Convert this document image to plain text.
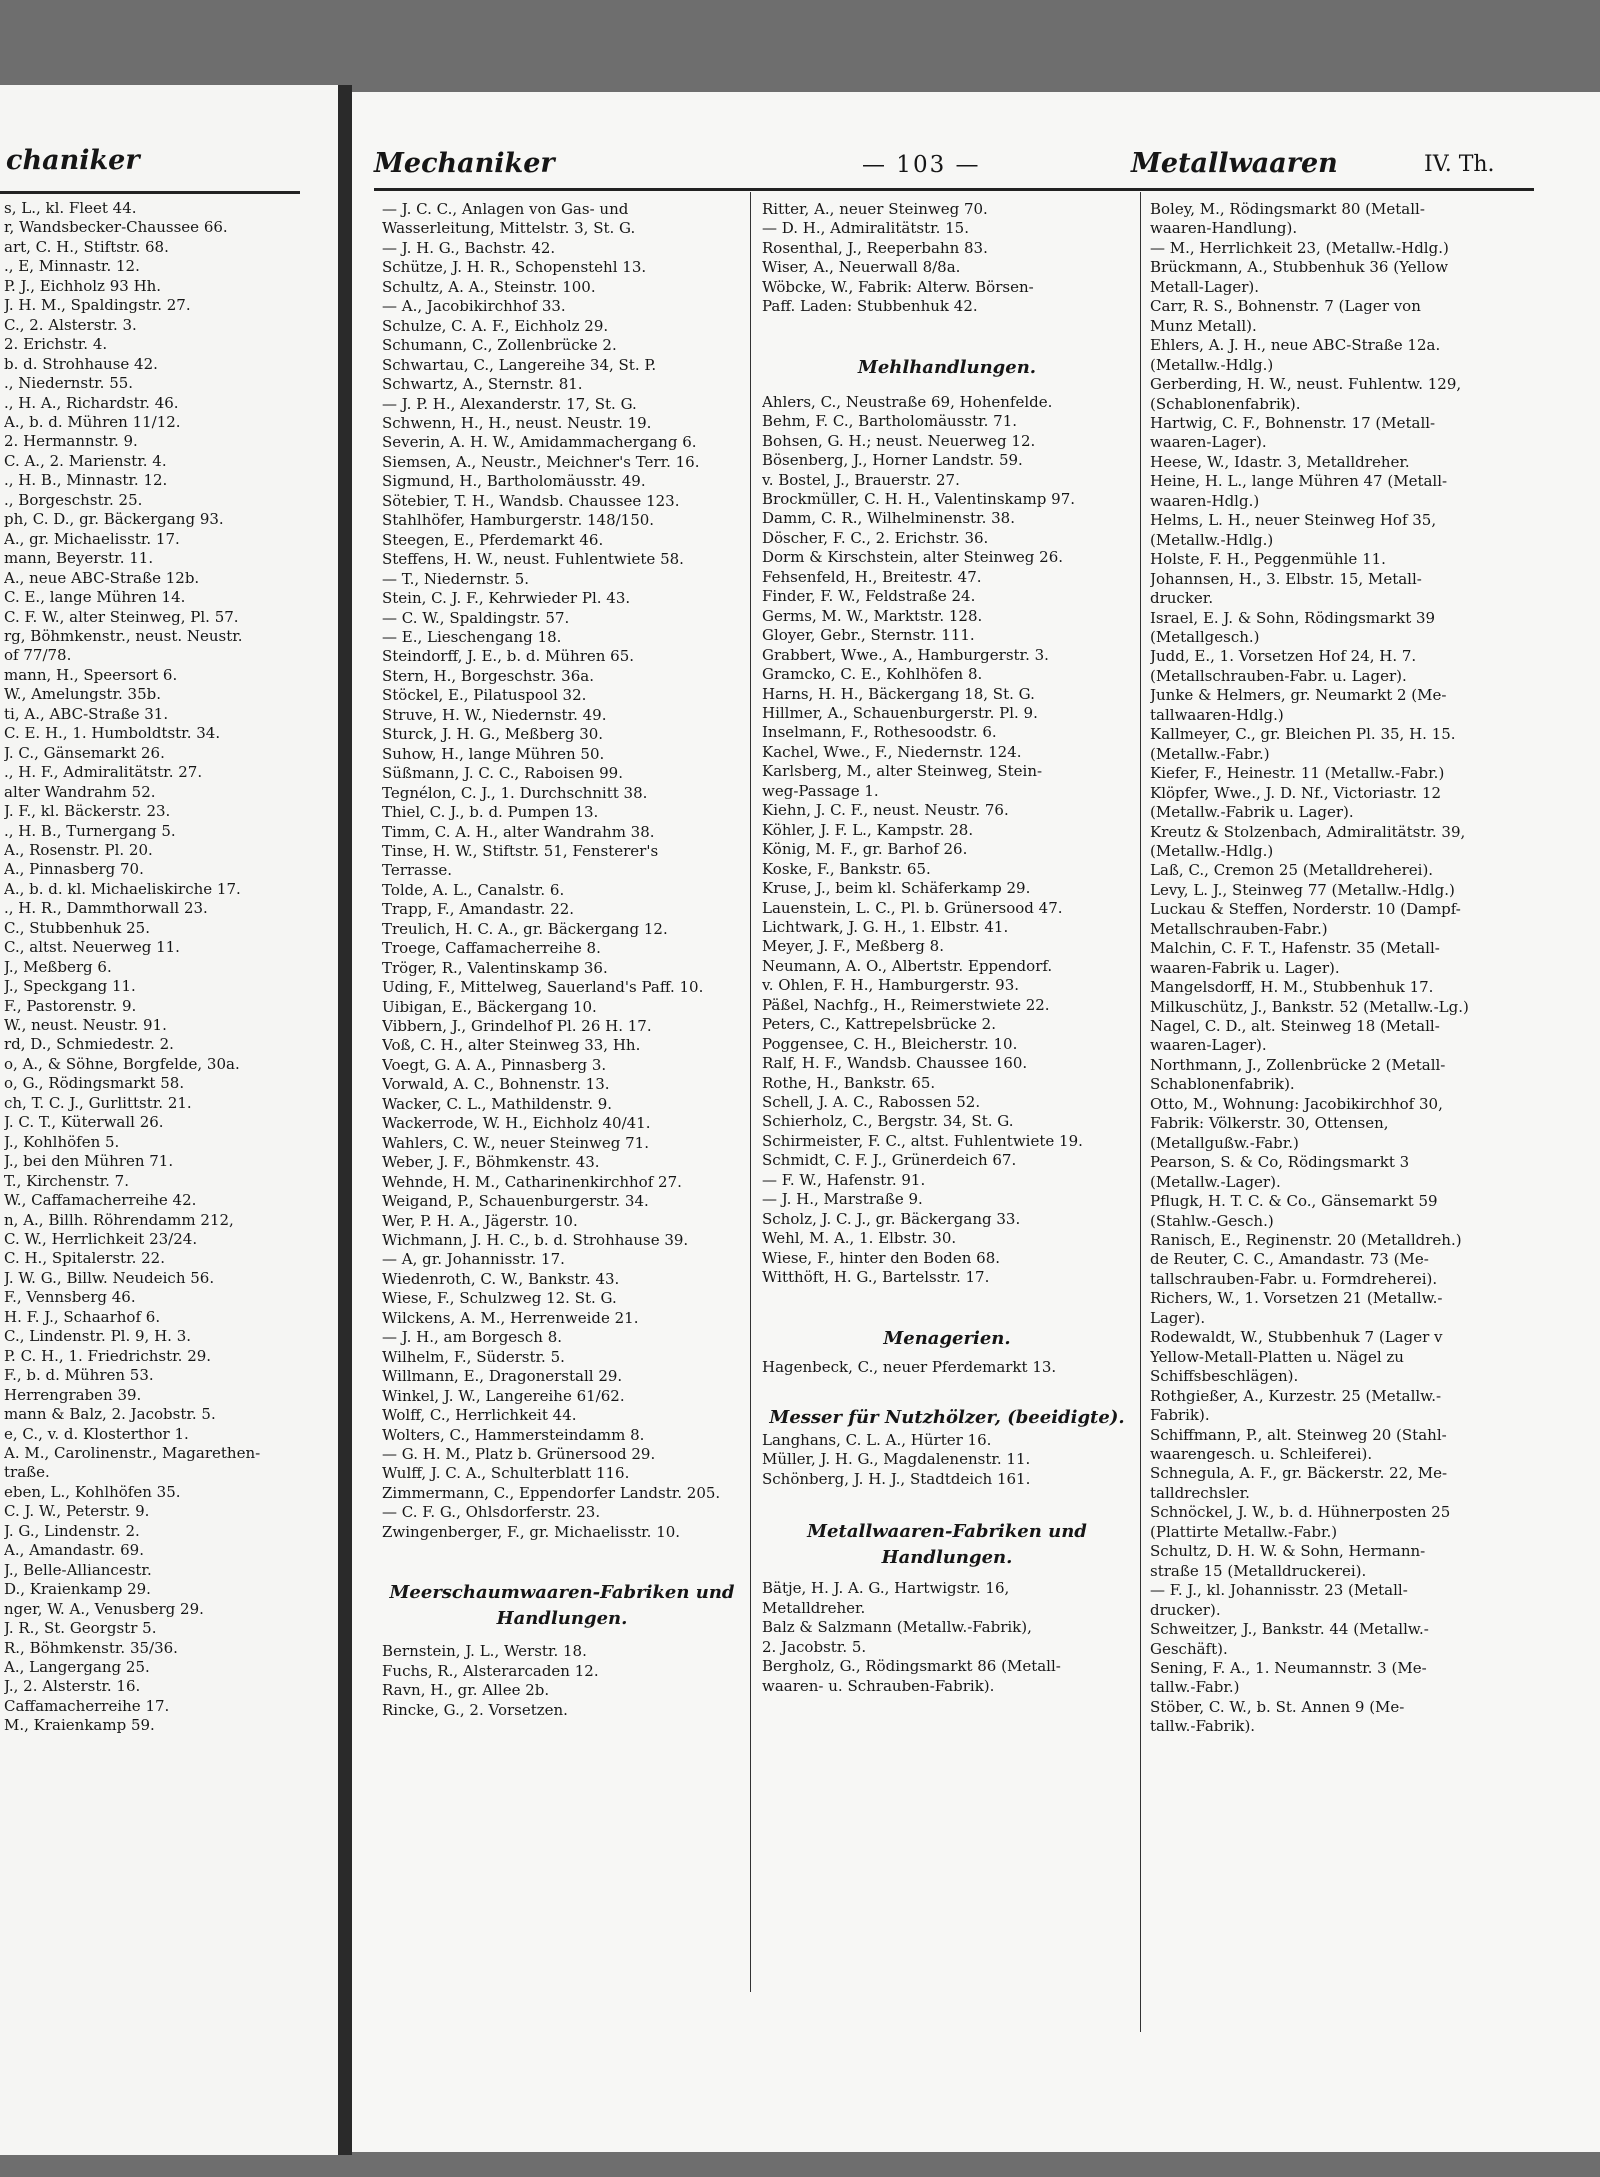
chaniker
s, L., kl. Fleet 44.
r, Wandsbecker-Chaussee 66.
art, C. H., Stiftstr. 68.
., E, Minnastr. 12.
P. J., Eichholz 93 Hh.
J. H. M., Spaldingstr. 27.
C., 2. Alsterstr. 3.
2. Erichstr. 4.
b. d. Strohhause 42.
., Niedernstr. 55.
., H. A., Richardstr. 46.
A., b. d. Mühren 11/12.
2. Hermannstr. 9.
C. A., 2. Marienstr. 4.
., H. B., Minnastr. 12.
., Borgeschstr. 25.
ph, C. D., gr. Bäckergang 93.
A., gr. Michaelisstr. 17.
mann, Beyerstr. 11.
A., neue ABC-Straße 12b.
C. E., lange Mühren 14.
C. F. W., alter Steinweg, Pl. 57.
rg, Böhmkenstr., neust. Neustr.
of 77/78.
mann, H., Speersort 6.
W., Amelungstr. 35b.
ti, A., ABC-Straße 31.
C. E. H., 1. Humboldtstr. 34.
J. C., Gänsemarkt 26.
., H. F., Admiralitätstr. 27.
alter Wandrahm 52.
J. F., kl. Bäckerstr. 23.
., H. B., Turnergang 5.
A., Rosenstr. Pl. 20.
A., Pinnasberg 70.
A., b. d. kl. Michaeliskirche 17.
., H. R., Dammthorwall 23.
C., Stubbenhuk 25.
C., altst. Neuerweg 11.
J., Meßberg 6.
J., Speckgang 11.
F., Pastorenstr. 9.
W., neust. Neustr. 91.
rd, D., Schmiedestr. 2.
o, A., & Söhne, Borgfelde, 30a.
o, G., Rödingsmarkt 58.
ch, T. C. J., Gurlittstr. 21.
J. C. T., Küterwall 26.
J., Kohlhöfen 5.
J., bei den Mühren 71.
T., Kirchenstr. 7.
W., Caffamacherreihe 42.
n, A., Billh. Röhrendamm 212,
C. W., Herrlichkeit 23/24.
C. H., Spitalerstr. 22.
J. W. G., Billw. Neudeich 56.
F., Vennsberg 46.
H. F. J., Schaarhof 6.
C., Lindenstr. Pl. 9, H. 3.
P. C. H., 1. Friedrichstr. 29.
F., b. d. Mühren 53.
Herrengraben 39.
mann & Balz, 2. Jacobstr. 5.
e, C., v. d. Klosterthor 1.
A. M., Carolinenstr., Magarethen-
traße.
eben, L., Kohlhöfen 35.
C. J. W., Peterstr. 9.
J. G., Lindenstr. 2.
A., Amandastr. 69.
J., Belle-Alliancestr.
D., Kraienkamp 29.
nger, W. A., Venusberg 29.
J. R., St. Georgstr 5.
R., Böhmkenstr. 35/36.
A., Langergang 25.
J., 2. Alsterstr. 16.
Caffamacherreihe 17.
M., Kraienkamp 59.
Mechaniker	— 103 —	Metallwaaren	IV. Th.
— J. C. C., Anlagen von Gas- und
Wasserleitung, Mittelstr. 3, St. G.
— J. H. G., Bachstr. 42.
Schütze, J. H. R., Schopenstehl 13.
Schultz, A. A., Steinstr. 100.
— A., Jacobikirchhof 33.
Schulze, C. A. F., Eichholz 29.
Schumann, C., Zollenbrücke 2.
Schwartau, C., Langereihe 34, St. P.
Schwartz, A., Sternstr. 81.
— J. P. H., Alexanderstr. 17, St. G.
Schwenn, H., H., neust. Neustr. 19.
Severin, A. H. W., Amidammachergang 6.
Siemsen, A., Neustr., Meichner's Terr. 16.
Sigmund, H., Bartholomäusstr. 49.
Sötebier, T. H., Wandsb. Chaussee 123.
Stahlhöfer, Hamburgerstr. 148/150.
Steegen, E., Pferdemarkt 46.
Steffens, H. W., neust. Fuhlentwiete 58.
— T., Niedernstr. 5.
Stein, C. J. F., Kehrwieder Pl. 43.
— C. W., Spaldingstr. 57.
— E., Lieschengang 18.
Steindorff, J. E., b. d. Mühren 65.
Stern, H., Borgeschstr. 36a.
Stöckel, E., Pilatuspool 32.
Struve, H. W., Niedernstr. 49.
Sturck, J. H. G., Meßberg 30.
Suhow, H., lange Mühren 50.
Süßmann, J. C. C., Raboisen 99.
Tegnélon, C. J., 1. Durchschnitt 38.
Thiel, C. J., b. d. Pumpen 13.
Timm, C. A. H., alter Wandrahm 38.
Tinse, H. W., Stiftstr. 51, Fensterer's
Terrasse.
Tolde, A. L., Canalstr. 6.
Trapp, F., Amandastr. 22.
Treulich, H. C. A., gr. Bäckergang 12.
Troege, Caffamacherreihe 8.
Tröger, R., Valentinskamp 36.
Uding, F., Mittelweg, Sauerland's Paff. 10.
Uibigan, E., Bäckergang 10.
Vibbern, J., Grindelhof Pl. 26 H. 17.
Voß, C. H., alter Steinweg 33, Hh.
Voegt, G. A. A., Pinnasberg 3.
Vorwald, A. C., Bohnenstr. 13.
Wacker, C. L., Mathildenstr. 9.
Wackerrode, W. H., Eichholz 40/41.
Wahlers, C. W., neuer Steinweg 71.
Weber, J. F., Böhmkenstr. 43.
Wehnde, H. M., Catharinenkirchhof 27.
Weigand, P., Schauenburgerstr. 34.
Wer, P. H. A., Jägerstr. 10.
Wichmann, J. H. C., b. d. Strohhause 39.
— A, gr. Johannisstr. 17.
Wiedenroth, C. W., Bankstr. 43.
Wiese, F., Schulzweg 12. St. G.
Wilckens, A. M., Herrenweide 21.
— J. H., am Borgesch 8.
Wilhelm, F., Süderstr. 5.
Willmann, E., Dragonerstall 29.
Winkel, J. W., Langereihe 61/62.
Wolff, C., Herrlichkeit 44.
Wolters, C., Hammersteindamm 8.
— G. H. M., Platz b. Grünersood 29.
Wulff, J. C. A., Schulterblatt 116.
Zimmermann, C., Eppendorfer Landstr. 205.
— C. F. G., Ohlsdorferstr. 23.
Zwingenberger, F., gr. Michaelisstr. 10.
Meerschaumwaaren-Fabriken und
Handlungen.
Bernstein, J. L., Werstr. 18.
Fuchs, R., Alsterarcaden 12.
Ravn, H., gr. Allee 2b.
Rincke, G., 2. Vorsetzen.
Ritter, A., neuer Steinweg 70.
— D. H., Admiralitätstr. 15.
Rosenthal, J., Reeperbahn 83.
Wiser, A., Neuerwall 8/8a.
Wöbcke, W., Fabrik: Alterw. Börsen-
Paff. Laden: Stubbenhuk 42.
Mehlhandlungen.
Ahlers, C., Neustraße 69, Hohenfelde.
Behm, F. C., Bartholomäusstr. 71.
Bohsen, G. H.; neust. Neuerweg 12.
Bösenberg, J., Horner Landstr. 59.
v. Bostel, J., Brauerstr. 27.
Brockmüller, C. H. H., Valentinskamp 97.
Damm, C. R., Wilhelminenstr. 38.
Döscher, F. C., 2. Erichstr. 36.
Dorm & Kirschstein, alter Steinweg 26.
Fehsenfeld, H., Breitestr. 47.
Finder, F. W., Feldstraße 24.
Germs, M. W., Marktstr. 128.
Gloyer, Gebr., Sternstr. 111.
Grabbert, Wwe., A., Hamburgerstr. 3.
Gramcko, C. E., Kohlhöfen 8.
Harns, H. H., Bäckergang 18, St. G.
Hillmer, A., Schauenburgerstr. Pl. 9.
Inselmann, F., Rothesoodstr. 6.
Kachel, Wwe., F., Niedernstr. 124.
Karlsberg, M., alter Steinweg, Stein-
weg-Passage 1.
Kiehn, J. C. F., neust. Neustr. 76.
Köhler, J. F. L., Kampstr. 28.
König, M. F., gr. Barhof 26.
Koske, F., Bankstr. 65.
Kruse, J., beim kl. Schäferkamp 29.
Lauenstein, L. C., Pl. b. Grünersood 47.
Lichtwark, J. G. H., 1. Elbstr. 41.
Meyer, J. F., Meßberg 8.
Neumann, A. O., Albertstr. Eppendorf.
v. Ohlen, F. H., Hamburgerstr. 93.
Päßel, Nachfg., H., Reimerstwiete 22.
Peters, C., Kattrepelsbrücke 2.
Poggensee, C. H., Bleicherstr. 10.
Ralf, H. F., Wandsb. Chaussee 160.
Rothe, H., Bankstr. 65.
Schell, J. A. C., Rabossen 52.
Schierholz, C., Bergstr. 34, St. G.
Schirmeister, F. C., altst. Fuhlentwiete 19.
Schmidt, C. F. J., Grünerdeich 67.
— F. W., Hafenstr. 91.
— J. H., Marstraße 9.
Scholz, J. C. J., gr. Bäckergang 33.
Wehl, M. A., 1. Elbstr. 30.
Wiese, F., hinter den Boden 68.
Witthöft, H. G., Bartelsstr. 17.
Menagerien.
Hagenbeck, C., neuer Pferdemarkt 13.
Messer für Nutzhölzer, (beeidigte).
Langhans, C. L. A., Hürter 16.
Müller, J. H. G., Magdalenenstr. 11.
Schönberg, J. H. J., Stadtdeich 161.
Metallwaaren-Fabriken und
Handlungen.
Bätje, H. J. A. G., Hartwigstr. 16,
Metalldreher.
Balz & Salzmann (Metallw.-Fabrik),
2. Jacobstr. 5.
Bergholz, G., Rödingsmarkt 86 (Metall-
waaren- u. Schrauben-Fabrik).
Boley, M., Rödingsmarkt 80 (Metall-
waaren-Handlung).
— M., Herrlichkeit 23, (Metallw.-Hdlg.)
Brückmann, A., Stubbenhuk 36 (Yellow
Metall-Lager).
Carr, R. S., Bohnenstr. 7 (Lager von
Munz Metall).
Ehlers, A. J. H., neue ABC-Straße 12a.
(Metallw.-Hdlg.)
Gerberding, H. W., neust. Fuhlentw. 129,
(Schablonenfabrik).
Hartwig, C. F., Bohnenstr. 17 (Metall-
waaren-Lager).
Heese, W., Idastr. 3, Metalldreher.
Heine, H. L., lange Mühren 47 (Metall-
waaren-Hdlg.)
Helms, L. H., neuer Steinweg Hof 35,
(Metallw.-Hdlg.)
Holste, F. H., Peggenmühle 11.
Johannsen, H., 3. Elbstr. 15, Metall-
drucker.
Israel, E. J. & Sohn, Rödingsmarkt 39
(Metallgesch.)
Judd, E., 1. Vorsetzen Hof 24, H. 7.
(Metallschrauben-Fabr. u. Lager).
Junke & Helmers, gr. Neumarkt 2 (Me-
tallwaaren-Hdlg.)
Kallmeyer, C., gr. Bleichen Pl. 35, H. 15.
(Metallw.-Fabr.)
Kiefer, F., Heinestr. 11 (Metallw.-Fabr.)
Klöpfer, Wwe., J. D. Nf., Victoriastr. 12
(Metallw.-Fabrik u. Lager).
Kreutz & Stolzenbach, Admiralitätstr. 39,
(Metallw.-Hdlg.)
Laß, C., Cremon 25 (Metalldreherei).
Levy, L. J., Steinweg 77 (Metallw.-Hdlg.)
Luckau & Steffen, Norderstr. 10 (Dampf-
Metallschrauben-Fabr.)
Malchin, C. F. T., Hafenstr. 35 (Metall-
waaren-Fabrik u. Lager).
Mangelsdorff, H. M., Stubbenhuk 17.
Milkuschütz, J., Bankstr. 52 (Metallw.-Lg.)
Nagel, C. D., alt. Steinweg 18 (Metall-
waaren-Lager).
Northmann, J., Zollenbrücke 2 (Metall-
Schablonenfabrik).
Otto, M., Wohnung: Jacobikirchhof 30,
Fabrik: Völkerstr. 30, Ottensen,
(Metallgußw.-Fabr.)
Pearson, S. & Co, Rödingsmarkt 3
(Metallw.-Lager).
Pflugk, H. T. C. & Co., Gänsemarkt 59
(Stahlw.-Gesch.)
Ranisch, E., Reginenstr. 20 (Metalldreh.)
de Reuter, C. C., Amandastr. 73 (Me-
tallschrauben-Fabr. u. Formdreherei).
Richers, W., 1. Vorsetzen 21 (Metallw.-
Lager).
Rodewaldt, W., Stubbenhuk 7 (Lager v
Yellow-Metall-Platten u. Nägel zu
Schiffsbeschlägen).
Rothgießer, A., Kurzestr. 25 (Metallw.-
Fabrik).
Schiffmann, P., alt. Steinweg 20 (Stahl-
waarengesch. u. Schleiferei).
Schnegula, A. F., gr. Bäckerstr. 22, Me-
talldrechsler.
Schnöckel, J. W., b. d. Hühnerposten 25
(Plattirte Metallw.-Fabr.)
Schultz, D. H. W. & Sohn, Hermann-
straße 15 (Metalldruckerei).
— F. J., kl. Johannisstr. 23 (Metall-
drucker).
Schweitzer, J., Bankstr. 44 (Metallw.-
Geschäft).
Sening, F. A., 1. Neumannstr. 3 (Me-
tallw.-Fabr.)
Stöber, C. W., b. St. Annen 9 (Me-
tallw.-Fabrik).
